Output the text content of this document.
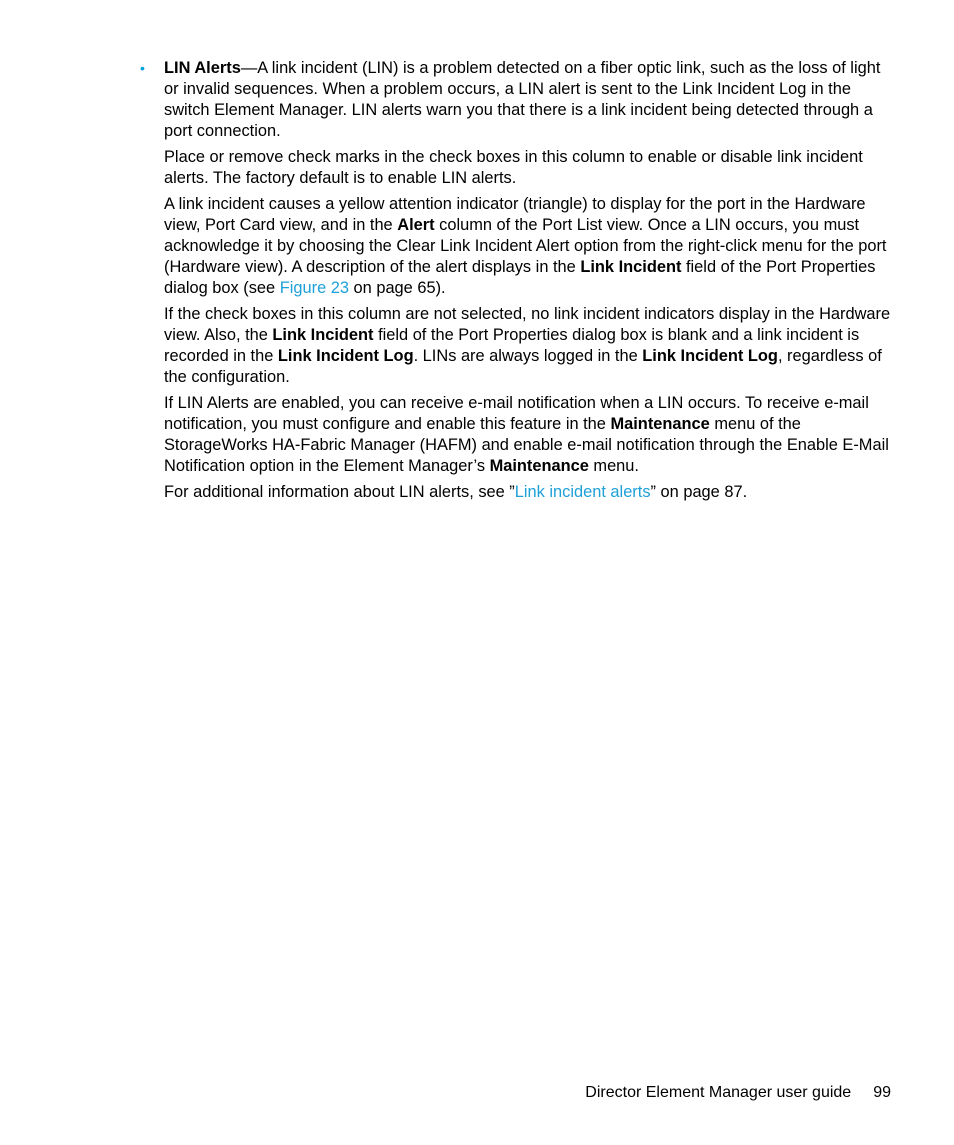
• LIN Alerts—A link incident (LIN) is a problem detected on a fiber optic link, such as the loss of light or invalid sequences. When a problem occurs, a LIN alert is sent to the Link Incident Log in the switch Element Manager. LIN alerts warn you that there is a link incident being detected through a port connection.

Place or remove check marks in the check boxes in this column to enable or disable link incident alerts. The factory default is to enable LIN alerts.

A link incident causes a yellow attention indicator (triangle) to display for the port in the Hardware view, Port Card view, and in the Alert column of the Port List view. Once a LIN occurs, you must acknowledge it by choosing the Clear Link Incident Alert option from the right-click menu for the port (Hardware view). A description of the alert displays in the Link Incident field of the Port Properties dialog box (see Figure 23 on page 65).

If the check boxes in this column are not selected, no link incident indicators display in the Hardware view. Also, the Link Incident field of the Port Properties dialog box is blank and a link incident is recorded in the Link Incident Log. LINs are always logged in the Link Incident Log, regardless of the configuration.

If LIN Alerts are enabled, you can receive e-mail notification when a LIN occurs. To receive e-mail notification, you must configure and enable this feature in the Maintenance menu of the StorageWorks HA-Fabric Manager (HAFM) and enable e-mail notification through the Enable E-Mail Notification option in the Element Manager’s Maintenance menu.

For additional information about LIN alerts, see ”Link incident alerts” on page 87.

Director Element Manager user guide 99
